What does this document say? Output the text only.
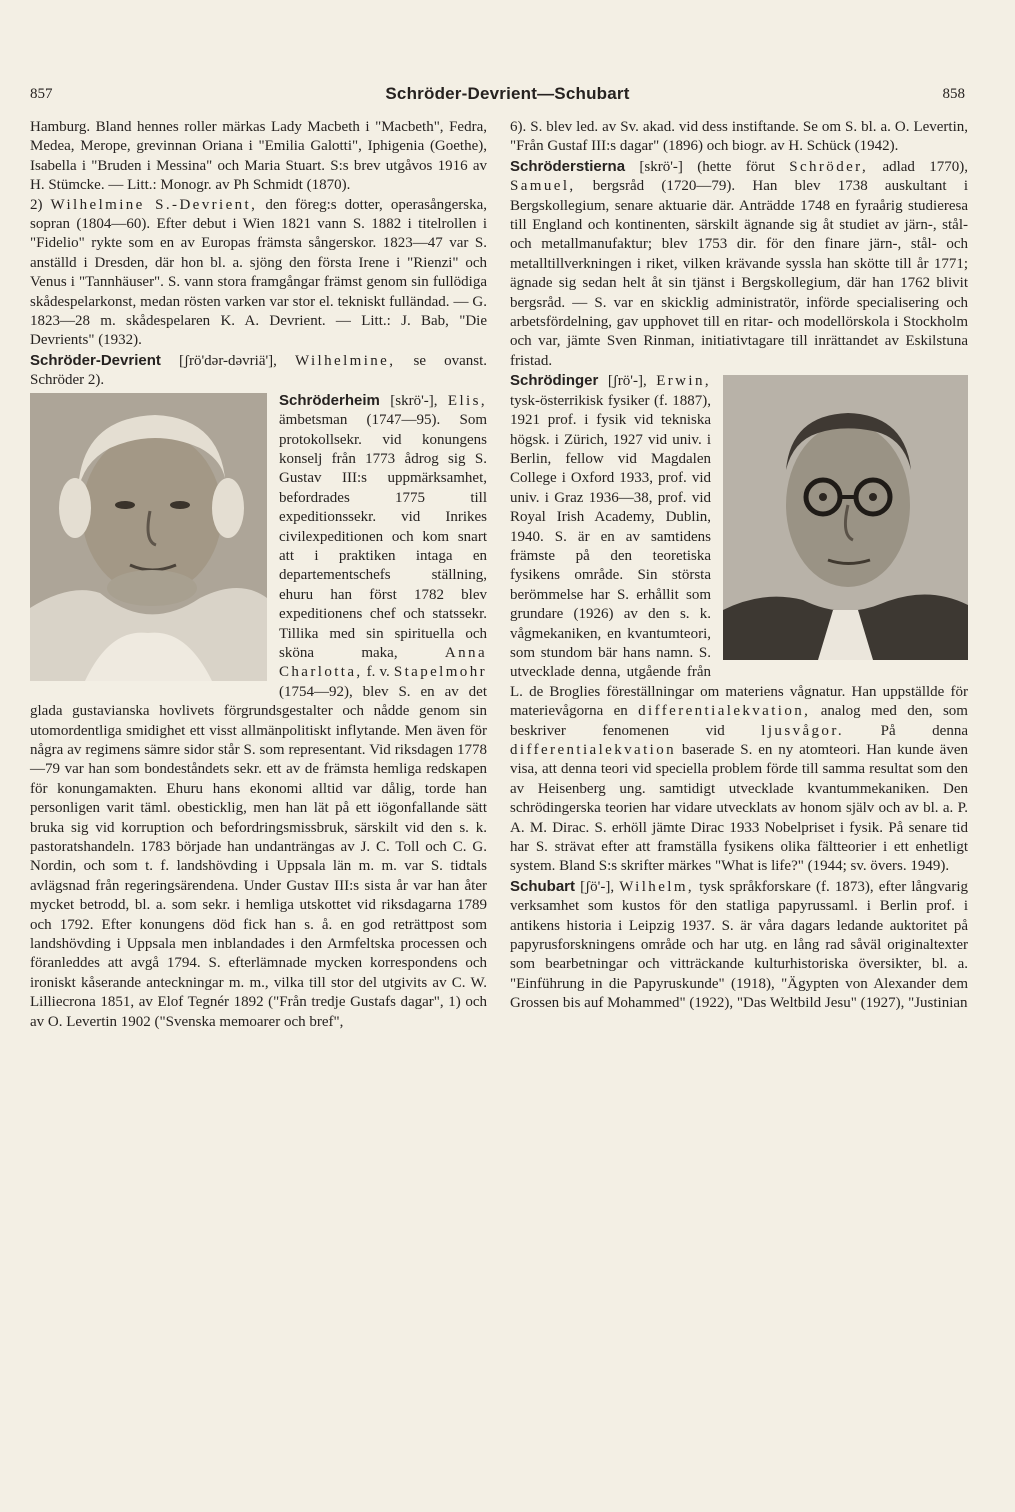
857	Schröder-Devrient—Schubart	858

Hamburg. Bland hennes roller märkas Lady Macbeth i "Macbeth", Fedra, Medea, Merope, grevinnan Oriana i "Emilia Galotti", Iphigenia (Goethe), Isabella i "Bruden i Messina" och Maria Stuart. S:s brev utgåvos 1916 av H. Stümcke. — Litt.: Monogr. av Ph Schmidt (1870).

2) Wilhelmine S.-Devrient, den föreg:s dotter, operasångerska, sopran (1804—60). Efter debut i Wien 1821 vann S. 1882 i titelrollen i "Fidelio" rykte som en av Europas främsta sångerskor. 1823—47 var S. anställd i Dresden, där hon bl. a. sjöng den första Irene i "Rienzi" och Venus i "Tannhäuser". S. vann stora framgångar främst genom sin fullödiga skådespelarkonst, medan rösten varken var stor el. tekniskt fulländad. — G. 1823—28 m. skådespelaren K. A. Devrient. — Litt.: J. Bab, "Die Devrients" (1932).

Schröder-Devrient [ʃrö'dər-dəvriä'], Wilhelmine, se ovanst. Schröder 2).

Schröderheim [skrö'-], Elis,
ämbetsman (1747—95). Som protokollsekr. vid konungens konselj från 1773 ådrog sig S. Gustav III:s uppmärksamhet, befordrades 1775 till expeditionssekr. vid Inrikes civilexpeditionen och kom snart att i praktiken intaga en departementschefs ställning, ehuru han först 1782 blev expeditionens chef och statssekr. Tillika med sin spirituella och sköna maka,	Anna Charlotta, f. v. Stapelmohr (1754—92), blev S. en av det glada gustavianska hovlivets förgrundsgestalter och nådde genom sin utomordentliga smidighet ett visst allmänpolitiskt inflytande. Men även för några av regimens sämre sidor står S. som representant. Vid riksdagen 1778—79 var han som bondeståndets sekr. ett av de främsta hemliga redskapen för konungamakten. Ehuru hans ekonomi alltid var dålig, torde han personligen varit täml. obesticklig, men han lät på ett iögonfallande sätt bruka sig vid korruption och befordringsmissbruk, särskilt vid den s. k. pastoratshandeln. 1783 började han undanträngas av J. C. Toll och C. G. Nordin, och som t. f. landshövding i Uppsala län m. m. var S. tidtals avlägsnad från regeringsärendena. Under Gustav III:s sista år var han åter mycket betrodd, bl. a. som sekr. i hemliga utskottet vid riksdagarna 1789 och 1792. Efter konungens död fick han s. å. en god reträttpost som landshövding i Uppsala men inblandades i den Armfeltska processen och föranleddes att avgå 1794. S. efterlämnade mycken korrespondens och ironiskt kåserande anteckningar m. m., vilka till stor del utgivits av C. W. Lilliecrona 1851, av Elof Tegnér 1892 ("Från tredje Gustafs dagar", 1) och av O. Levertin 1902 ("Svenska memoarer och bref",

6). S. blev led. av Sv. akad. vid dess instiftande. Se om S. bl. a. O. Levertin, "Från Gustaf III:s dagar" (1896) och biogr. av H. Schück (1942).

Schröderstierna [skrö'-] (hette förut Schröder, adlad 1770), Samuel, bergsråd (1720—79). Han blev 1738 auskultant i Bergskollegium, senare aktuarie där. Anträdde 1748 en fyraårig studieresa till England och kontinenten, särskilt ägnande sig åt studiet av järn-, stål- och metallmanufaktur; blev 1753 dir. för den finare järn-, stål- och metalltillverkningen i riket, vilken krävande syssla han skötte till år 1771; ägnade sig sedan helt åt sin tjänst i Bergskollegium, där han 1762 blivit bergsråd. — S. var en skicklig administratör, införde specialisering och arbetsfördelning, gav upphovet till en ritar- och modellörskola i Stockholm och var, jämte Sven Rinman, initiativtagare till inrättandet av Eskilstuna fristad.

Schrödinger [ʃrö'-], Erwin,
tysk-österrikisk fysiker (f. 1887), 1921 prof. i fysik vid tekniska högsk. i Zürich, 1927 vid univ. i Berlin, fellow vid Magdalen College i Oxford 1933, prof. vid univ. i Graz 1936—38, prof. vid Royal Irish Academy, Dublin, 1940. S. är en av samtidens främste på den teoretiska fysikens område. Sin största berömmelse har S. erhållit som grundare (1926) av den s. k. vågmekaniken, en kvantumteori, som stundom bär hans namn. S. utvecklade denna, utgående från L. de Broglies föreställningar om materiens vågnatur. Han uppställde för materievågorna en differentialekvation, analog med den, som beskriver fenomenen vid ljusvågor. På denna differentialekvation baserade S. en ny atomteori. Han kunde även visa, att denna teori vid speciella problem förde till samma resultat som den av Heisenberg ung. samtidigt utvecklade kvantummekaniken. Den schrödingerska teorien har vidare utvecklats av honom själv och av bl. a. P. A. M. Dirac. S. erhöll jämte Dirac 1933 Nobelpriset i fysik. På senare tid har S. strävat efter att framställa fysikens olika fältteorier i ett enhetligt system. Bland S:s skrifter märkes "What is life?" (1944; sv. övers. 1949).

Schubart [ʃö'-], Wilhelm, tysk språkforskare (f. 1873), efter långvarig verksamhet som kustos för den statliga papyrussaml. i Berlin prof. i antikens historia i Leipzig 1937. S. är våra dagars ledande auktoritet på papyrusforskningens område och har utg. en lång rad såväl originaltexter som bearbetningar och vitträckande kulturhistoriska översikter, bl. a. "Einführung in die Papyruskunde" (1918), "Ägypten von Alexander dem Grossen bis auf Mohammed" (1922), "Das Weltbild Jesu" (1927), "Justinian
